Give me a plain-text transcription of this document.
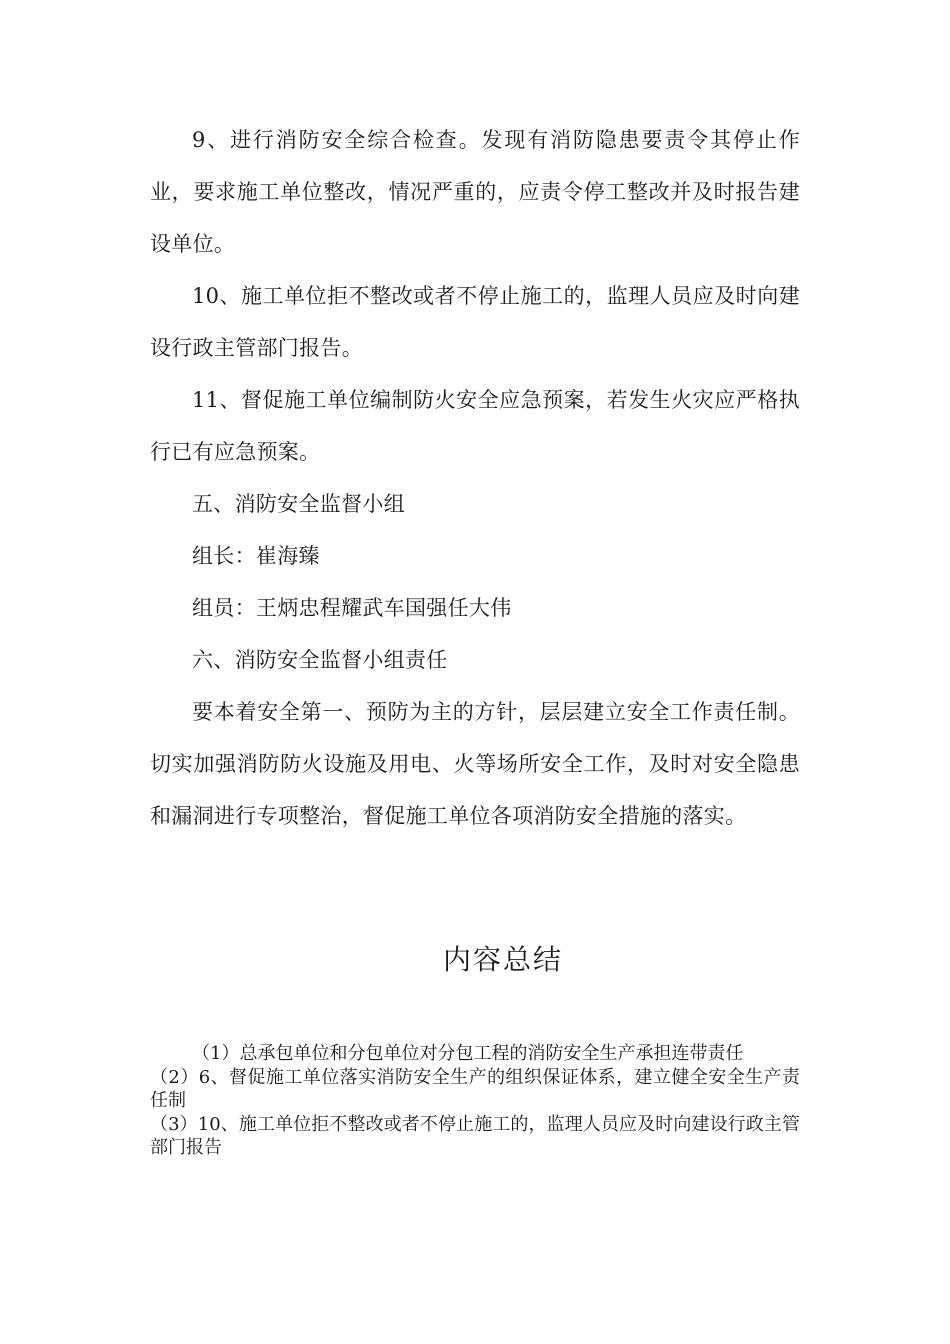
9、进行消防安全综合检查。发现有消防隐患要责令其停止作业，要求施工单位整改，情况严重的，应责令停工整改并及时报告建设单位。

10、施工单位拒不整改或者不停止施工的，监理人员应及时向建设行政主管部门报告。

11、督促施工单位编制防火安全应急预案，若发生火灾应严格执行已有应急预案。

五、消防安全监督小组

组长：崔海臻

组员：王炳忠程耀武车国强任大伟

六、消防安全监督小组责任

要本着安全第一、预防为主的方针，层层建立安全工作责任制。切实加强消防防火设施及用电、火等场所安全工作，及时对安全隐患和漏洞进行专项整治，督促施工单位各项消防安全措施的落实。

内容总结

（1）总承包单位和分包单位对分包工程的消防安全生产承担连带责任

（2）6、督促施工单位落实消防安全生产的组织保证体系，建立健全安全生产责任制

（3）10、施工单位拒不整改或者不停止施工的，监理人员应及时向建设行政主管部门报告
